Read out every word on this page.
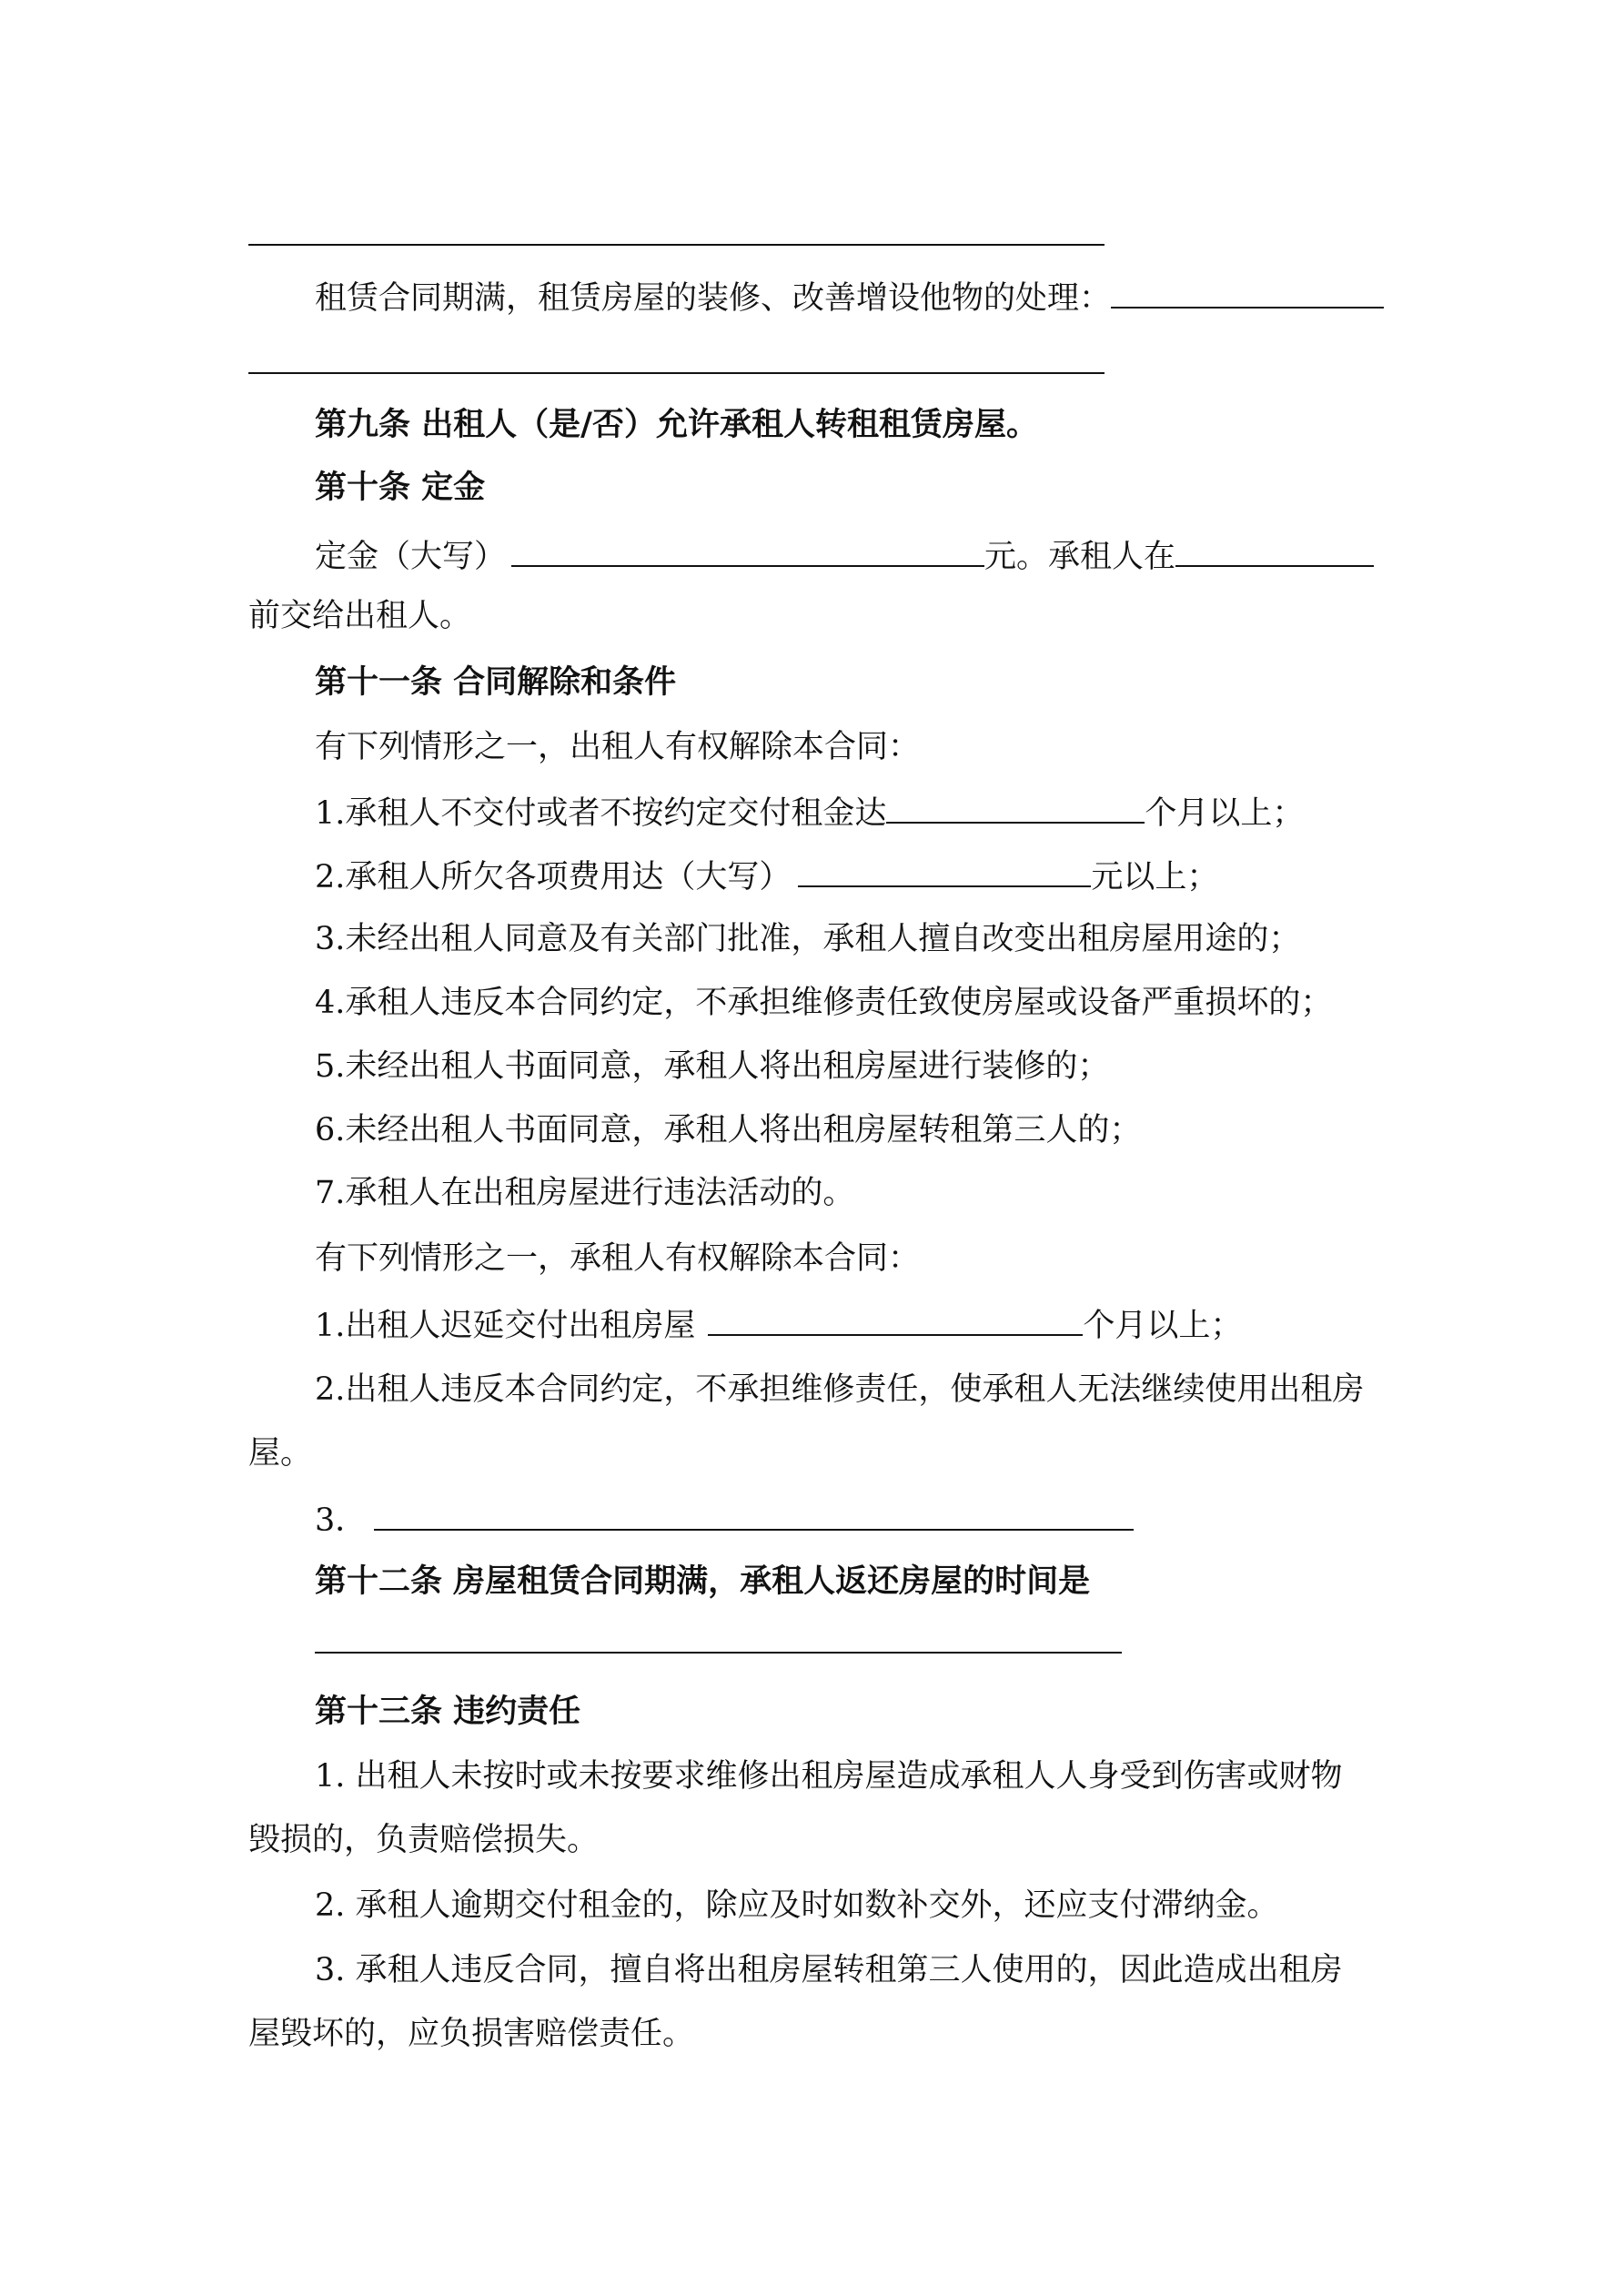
租赁合同期满，租赁房屋的装修、改善增设他物的处理：
第九条 出租人（是/否）允许承租人转租租赁房屋。
第十条 定金
定金（大写）	元。承租人在
前交给出租人。
第十一条 合同解除和条件
有下列情形之一，出租人有权解除本合同：
1.承租人不交付或者不按约定交付租金达	个月以上；
2.承租人所欠各项费用达（大写）	元以上；
3.未经出租人同意及有关部门批准，承租人擅自改变出租房屋用途的；
4.承租人违反本合同约定，不承担维修责任致使房屋或设备严重损坏的；
5.未经出租人书面同意，承租人将出租房屋进行装修的；
6.未经出租人书面同意，承租人将出租房屋转租第三人的；
7.承租人在出租房屋进行违法活动的。
有下列情形之一，承租人有权解除本合同：
1.出租人迟延交付出租房屋	个月以上；
2.出租人违反本合同约定，不承担维修责任，使承租人无法继续使用出租房
屋。
3．
第十二条 房屋租赁合同期满，承租人返还房屋的时间是
第十三条 违约责任
1. 出租人未按时或未按要求维修出租房屋造成承租人人身受到伤害或财物
毁损的，负责赔偿损失。
2. 承租人逾期交付租金的，除应及时如数补交外，还应支付滞纳金。
3. 承租人违反合同，擅自将出租房屋转租第三人使用的，因此造成出租房
屋毁坏的，应负损害赔偿责任。
